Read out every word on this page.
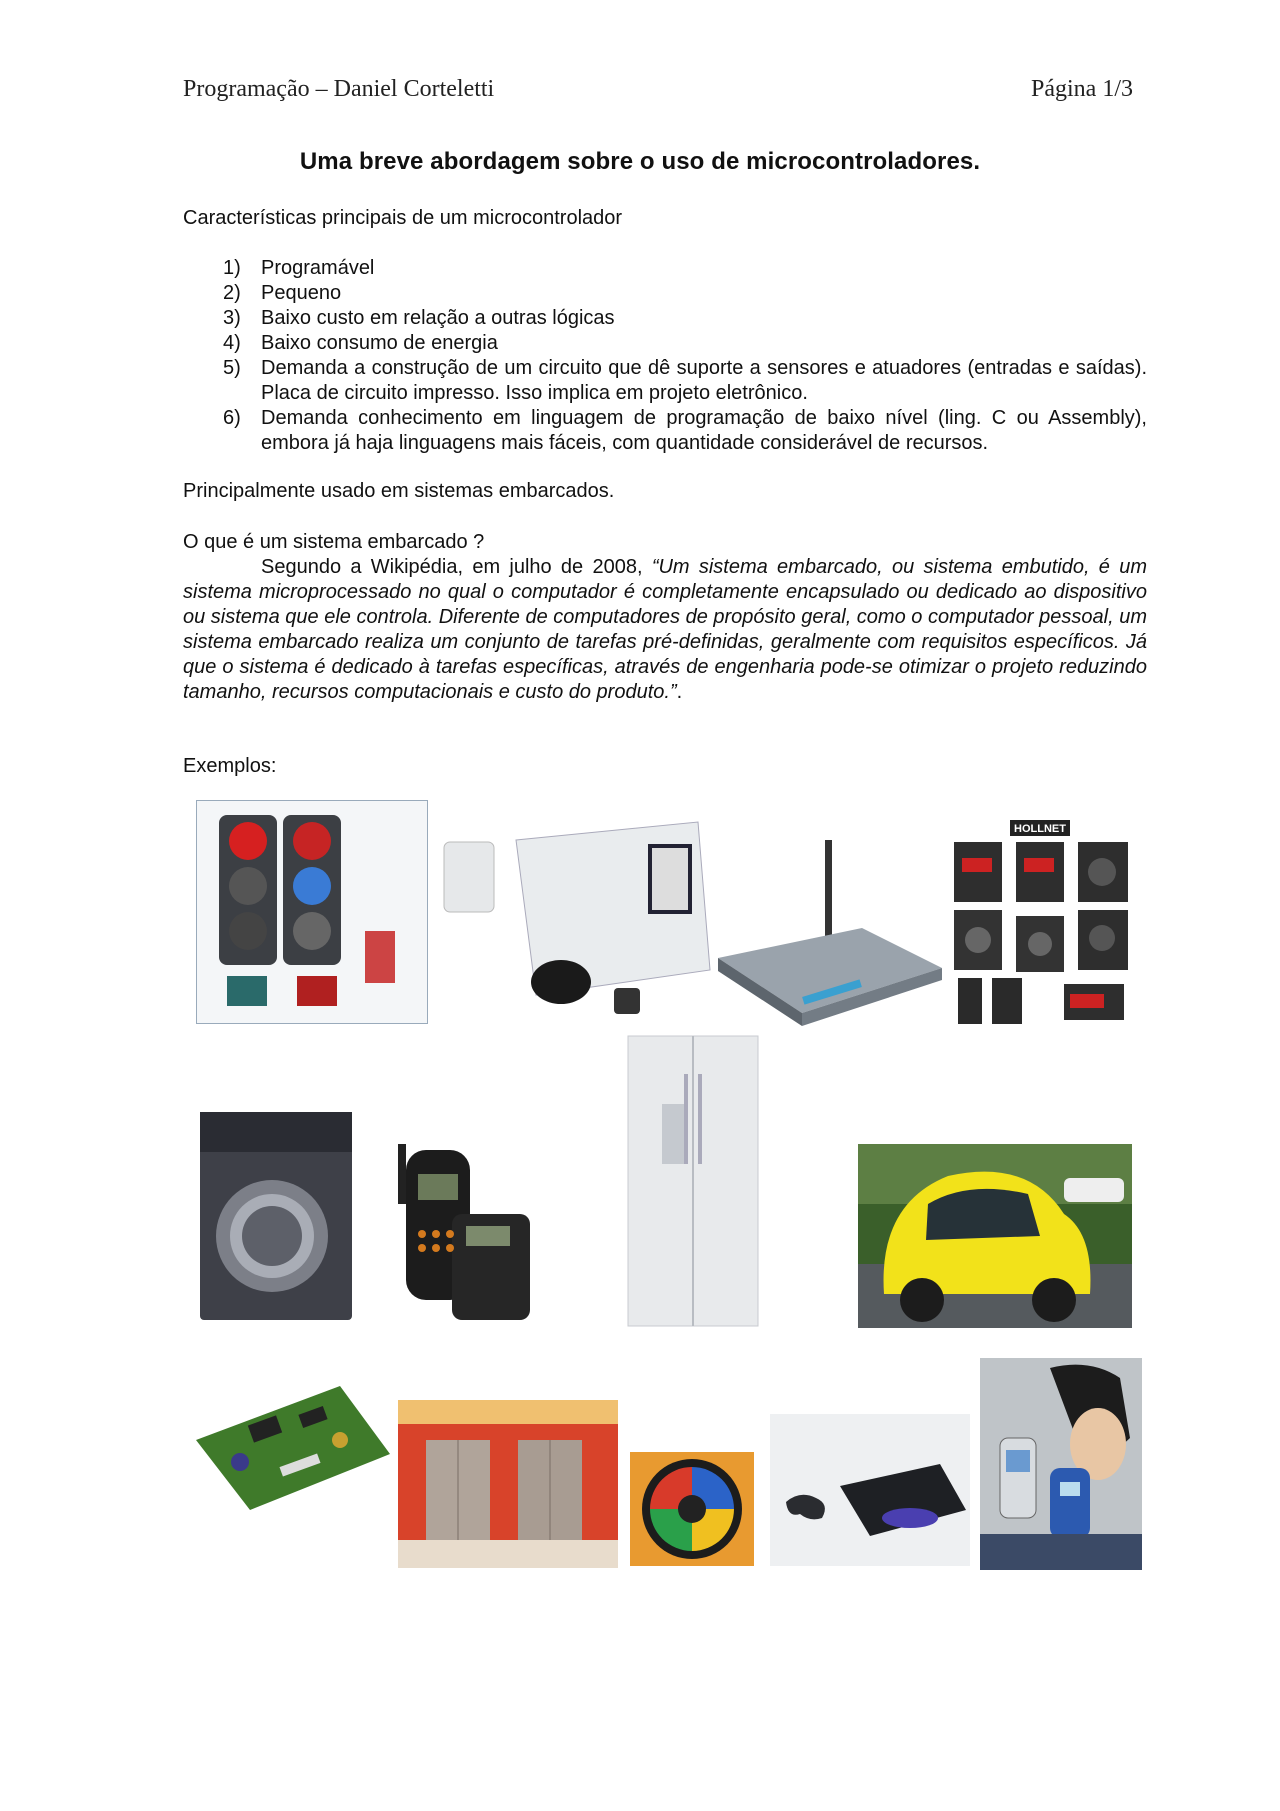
Programação – Daniel Corteletti	Página 1/3
Uma breve abordagem sobre o uso de microcontroladores.
Características principais de um microcontrolador
1)	Programável
2)	Pequeno
3)	Baixo custo em relação a outras lógicas
4)	Baixo consumo de energia
5)	Demanda a construção de um circuito que dê suporte a sensores e atuadores (entradas e saídas). Placa de circuito impresso. Isso implica em projeto eletrônico.
6)	Demanda conhecimento em linguagem de programação de baixo nível (ling. C ou Assembly), embora já haja linguagens mais fáceis, com quantidade considerável de recursos.
Principalmente usado em sistemas embarcados.
O que é um sistema embarcado ?
Segundo a Wikipédia, em julho de 2008, “Um sistema embarcado, ou sistema embutido, é um sistema microprocessado no qual o computador é completamente encapsulado ou dedicado ao dispositivo ou sistema que ele controla. Diferente de computadores de propósito geral, como o computador pessoal, um sistema embarcado realiza um conjunto de tarefas pré-definidas, geralmente com requisitos específicos. Já que o sistema é dedicado à tarefas específicas, através de engenharia pode-se otimizar o projeto reduzindo tamanho, recursos computacionais e custo do produto.”.
Exemplos:
HOLLNET
